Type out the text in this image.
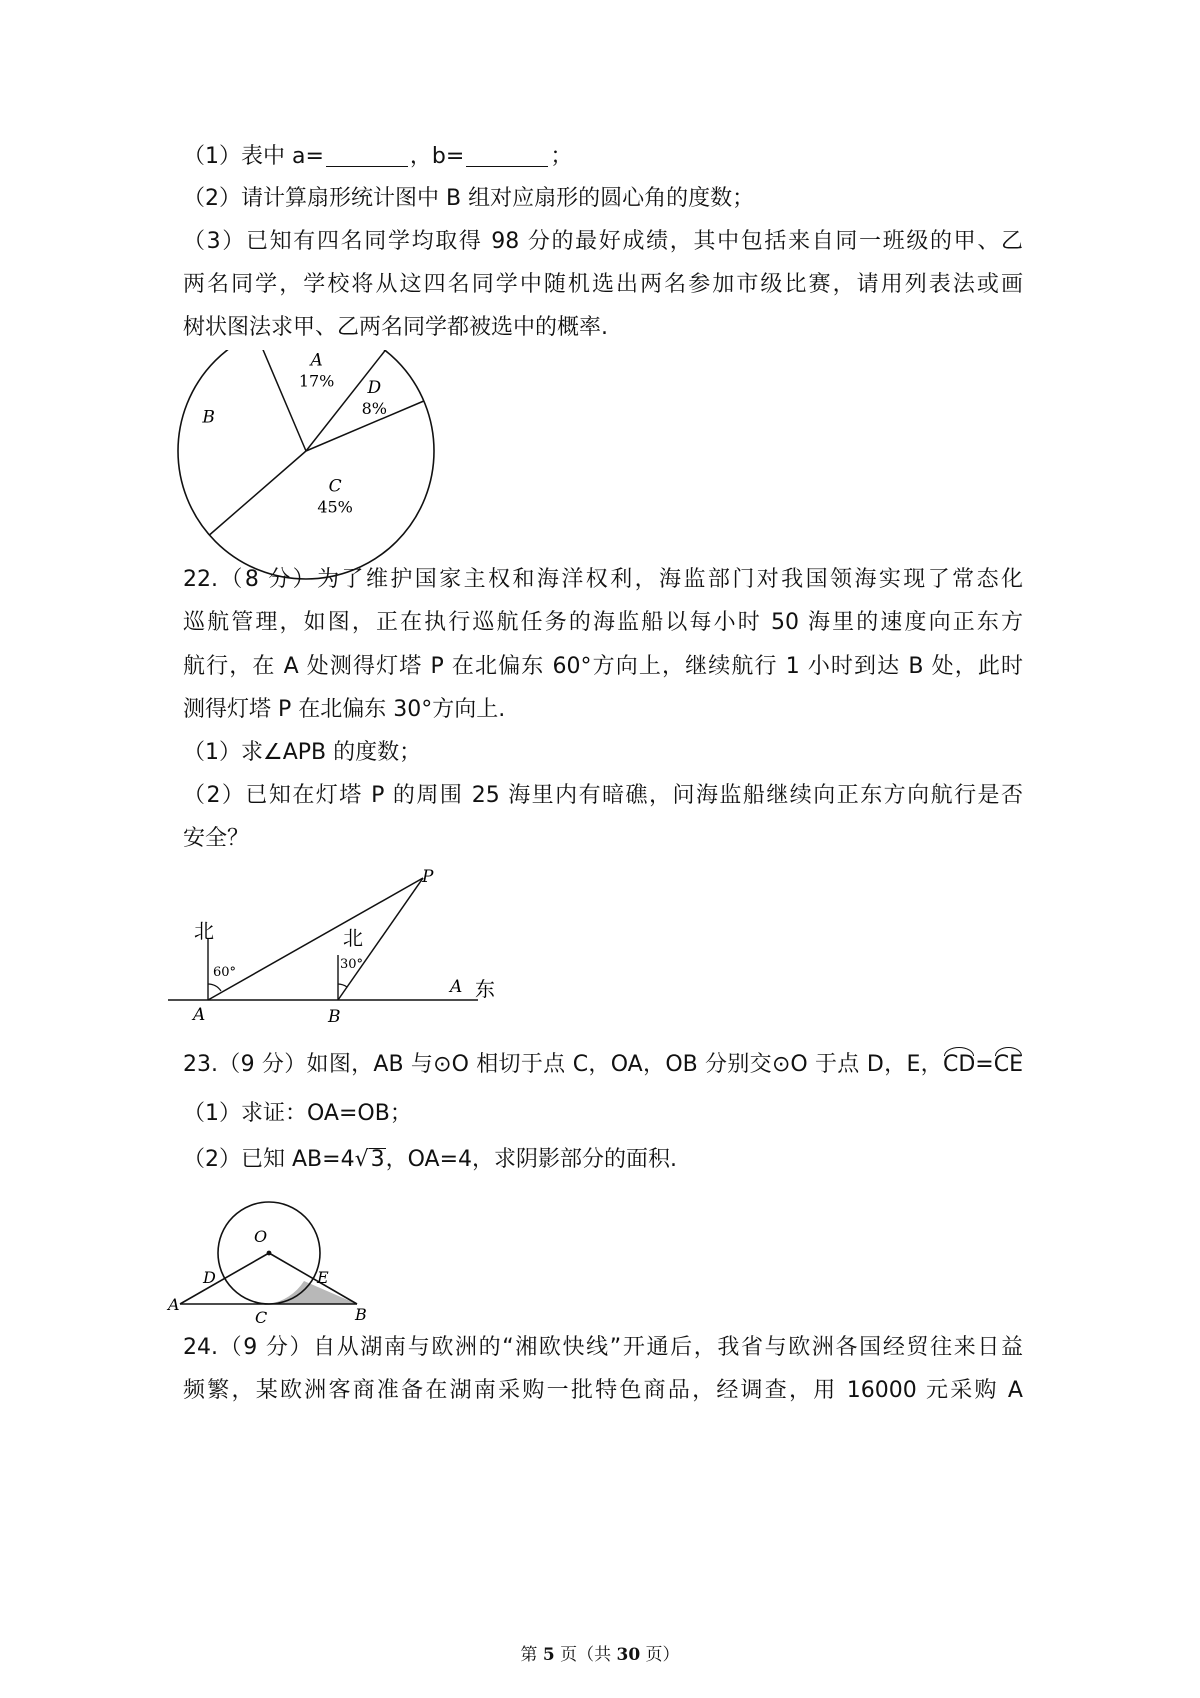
（1）表中 a=	，b=	；
（2）请计算扇形统计图中 B 组对应扇形的圆心角的度数；
（3）已知有四名同学均取得 98 分的最好成绩，其中包括来自同一班级的甲、乙
两名同学，学校将从这四名同学中随机选出两名参加市级比赛，请用列表法或画
树状图法求甲、乙两名同学都被选中的概率.
A
17% D
8%
C
45%
B
22.（8 分）为了维护国家主权和海洋权利，海监部门对我国领海实现了常态化
巡航管理，如图，正在执行巡航任务的海监船以每小时 50 海里的速度向正东方
航行，在 A 处测得灯塔 P 在北偏东 60°方向上，继续航行 1 小时到达 B 处，此时
测得灯塔 P 在北偏东 30°方向上.
（1）求∠APB 的度数；
（2）已知在灯塔 P 的周围 25 海里内有暗礁，问海监船继续向正东方向航行是否
安全？
北	北
60°
30°
P
A	B
A 东
23.（9 分）如图，AB 与⊙O 相切于点 C，OA，OB 分别交⊙O 于点 D，E，CD=CE
（1）求证：OA=OB；
（2）已知 AB=4√3，OA=4，求阴影部分的面积.
O
D	E
A
C	B
24.（9 分）自从湖南与欧洲的“湘欧快线”开通后，我省与欧洲各国经贸往来日益
频繁，某欧洲客商准备在湖南采购一批特色商品，经调查，用 16000 元采购 A
第 5 页（共 30 页）
